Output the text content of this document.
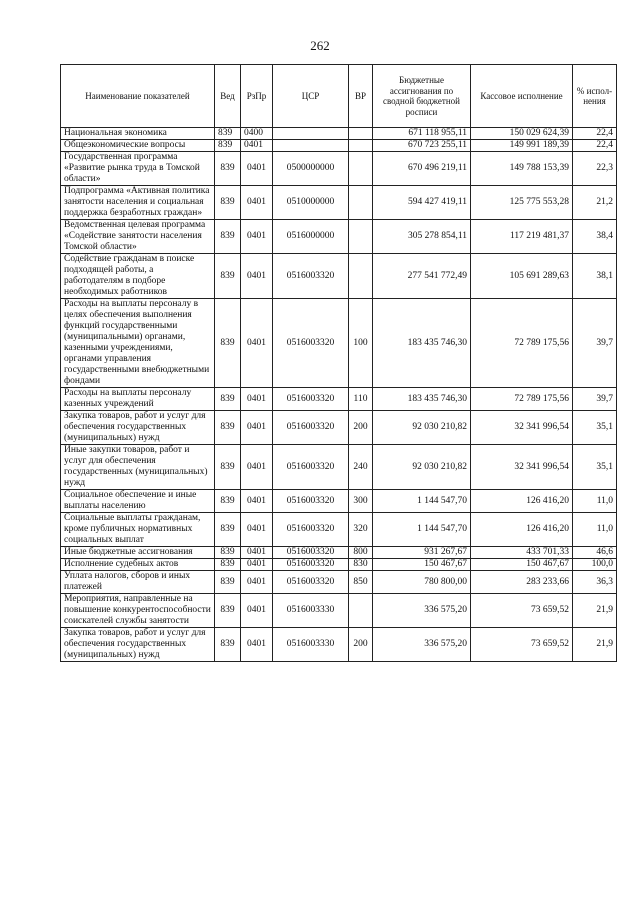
262
Наименование показателей	Вед	РзПр	ЦСР	ВР	Бюджетные ассигнования по сводной бюджетной росписи	Кассовое исполнение	% испол-нения
Национальная экономика	839	0400			671 118 955,11	150 029 624,39	22,4
Общеэкономические вопросы	839	0401			670 723 255,11	149 991 189,39	22,4
Государственная программа «Развитие рынка труда в Томской области»	839	0401	0500000000		670 496 219,11	149 788 153,39	22,3
Подпрограмма «Активная политика занятости населения и социальная поддержка безработных граждан»	839	0401	0510000000		594 427 419,11	125 775 553,28	21,2
Ведомственная целевая программа «Содействие занятости населения Томской области»	839	0401	0516000000		305 278 854,11	117 219 481,37	38,4
Содействие гражданам в поиске подходящей работы, а работодателям в подборе необходимых работников	839	0401	0516003320		277 541 772,49	105 691 289,63	38,1
Расходы на выплаты персоналу в целях обеспечения выполнения функций государственными (муниципальными) органами, казенными учреждениями, органами управления государственными внебюджетными фондами	839	0401	0516003320	100	183 435 746,30	72 789 175,56	39,7
Расходы на выплаты персоналу казенных учреждений	839	0401	0516003320	110	183 435 746,30	72 789 175,56	39,7
Закупка товаров, работ и услуг для обеспечения государственных (муниципальных) нужд	839	0401	0516003320	200	92 030 210,82	32 341 996,54	35,1
Иные закупки товаров, работ и услуг для обеспечения государственных (муниципальных) нужд	839	0401	0516003320	240	92 030 210,82	32 341 996,54	35,1
Социальное обеспечение и иные выплаты населению	839	0401	0516003320	300	1 144 547,70	126 416,20	11,0
Социальные выплаты гражданам, кроме публичных нормативных социальных выплат	839	0401	0516003320	320	1 144 547,70	126 416,20	11,0
Иные бюджетные ассигнования	839	0401	0516003320	800	931 267,67	433 701,33	46,6
Исполнение судебных актов	839	0401	0516003320	830	150 467,67	150 467,67	100,0
Уплата налогов, сборов и иных платежей	839	0401	0516003320	850	780 800,00	283 233,66	36,3
Мероприятия, направленные на повышение конкурентоспособности соискателей службы занятости	839	0401	0516003330		336 575,20	73 659,52	21,9
Закупка товаров, работ и услуг для обеспечения государственных (муниципальных) нужд	839	0401	0516003330	200	336 575,20	73 659,52	21,9
